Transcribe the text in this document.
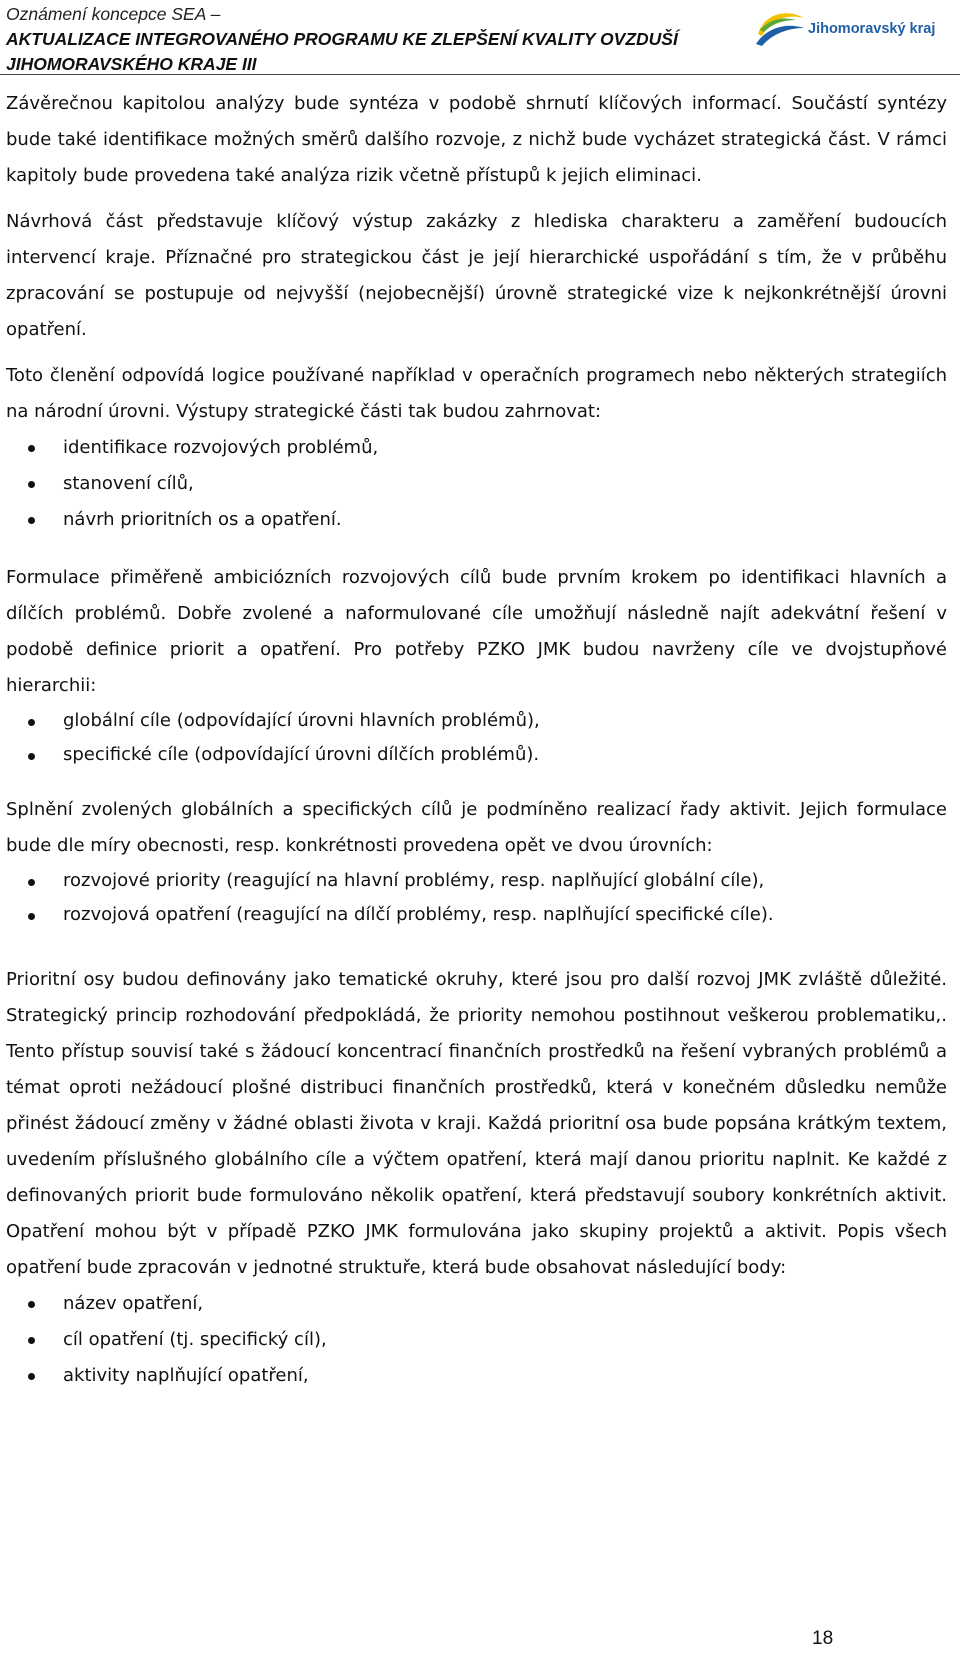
Oznámení koncepce SEA –
AKTUALIZACE INTEGROVANÉHO PROGRAMU KE ZLEPŠENÍ KVALITY OVZDUŠÍ
JIHOMORAVSKÉHO KRAJE III
Jihomoravský kraj

Závěrečnou kapitolou analýzy bude syntéza v podobě shrnutí klíčových informací. Součástí syntézy bude také identifikace možných směrů dalšího rozvoje, z nichž bude vycházet strategická část. V rámci kapitoly bude provedena také analýza rizik včetně přístupů k jejich eliminaci.

Návrhová část představuje klíčový výstup zakázky z hlediska charakteru a zaměření budoucích intervencí kraje. Příznačné pro strategickou část je její hierarchické uspořádání s tím, že v průběhu zpracování se postupuje od nejvyšší (nejobecnější) úrovně strategické vize k nejkonkrétnější úrovni opatření.

Toto členění odpovídá logice používané například v operačních programech nebo některých strategiích na národní úrovni. Výstupy strategické části tak budou zahrnovat:

identifikace rozvojových problémů,
stanovení cílů,
návrh prioritních os a opatření.

Formulace přiměřeně ambiciózních rozvojových cílů bude prvním krokem po identifikaci hlavních a dílčích problémů. Dobře zvolené a naformulované cíle umožňují následně najít adekvátní řešení v podobě definice priorit a opatření. Pro potřeby PZKO JMK budou navrženy cíle ve dvojstupňové hierarchii:

globální cíle (odpovídající úrovni hlavních problémů),
specifické cíle (odpovídající úrovni dílčích problémů).

Splnění zvolených globálních a specifických cílů je podmíněno realizací řady aktivit. Jejich formulace bude dle míry obecnosti, resp. konkrétnosti provedena opět ve dvou úrovních:

rozvojové priority (reagující na hlavní problémy, resp. naplňující globální cíle),
rozvojová opatření (reagující na dílčí problémy, resp. naplňující specifické cíle).

Prioritní osy budou definovány jako tematické okruhy, které jsou pro další rozvoj JMK zvláště důležité. Strategický princip rozhodování předpokládá, že priority nemohou postihnout veškerou problematiku,. Tento přístup souvisí také s žádoucí koncentrací finančních prostředků na řešení vybraných problémů a témat oproti nežádoucí plošné distribuci finančních prostředků, která v konečném důsledku nemůže přinést žádoucí změny v žádné oblasti života v kraji. Každá prioritní osa bude popsána krátkým textem, uvedením příslušného globálního cíle a výčtem opatření, která mají danou prioritu naplnit. Ke každé z definovaných priorit bude formulováno několik opatření, která představují soubory konkrétních aktivit. Opatření mohou být v případě PZKO JMK formulována jako skupiny projektů a aktivit. Popis všech opatření bude zpracován v jednotné struktuře, která bude obsahovat následující body:

název opatření,
cíl opatření (tj. specifický cíl),
aktivity naplňující opatření,
18
